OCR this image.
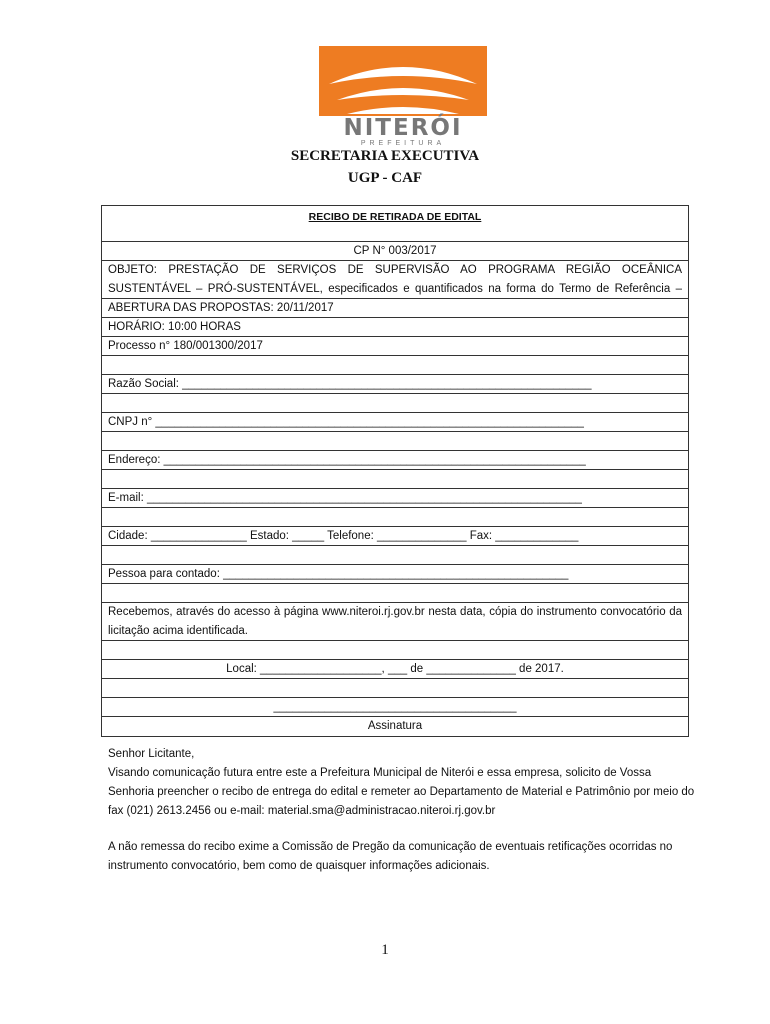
NITERÓI
PREFEITURA
SECRETARIA EXECUTIVA
UGP - CAF
RECIBO DE RETIRADA DE EDITAL
CP N° 003/2017
OBJETO: PRESTAÇÃO DE SERVIÇOS DE SUPERVISÃO AO PROGRAMA REGIÃO OCEÂNICA SUSTENTÁVEL – PRÓ-SUSTENTÁVEL, especificados e quantificados na forma do Termo de Referência –
ABERTURA DAS PROPOSTAS: 20/11/2017
HORÁRIO: 10:00 HORAS
Processo n° 180/001300/2017
Razão Social: ________________________________________________________________
CNPJ n° ___________________________________________________________________
Endereço: __________________________________________________________________
E-mail: ____________________________________________________________________
Cidade: _______________ Estado: _____ Telefone: ______________ Fax: _____________
Pessoa para contado: ______________________________________________________
Recebemos, através do acesso à página www.niteroi.rj.gov.br nesta data, cópia do instrumento convocatório da licitação acima identificada.
Local: ___________________, ___ de ______________ de 2017.
______________________________________
Assinatura

Senhor Licitante,

Visando comunicação futura entre este a Prefeitura Municipal de Niterói e essa empresa, solicito de Vossa Senhoria preencher o recibo de entrega do edital e remeter ao Departamento de Material e Patrimônio por meio do fax (021) 2613.2456 ou e-mail: material.sma@administracao.niteroi.rj.gov.br

A não remessa do recibo exime a Comissão de Pregão da comunicação de eventuais retificações ocorridas no instrumento convocatório, bem como de quaisquer informações adicionais.

1
